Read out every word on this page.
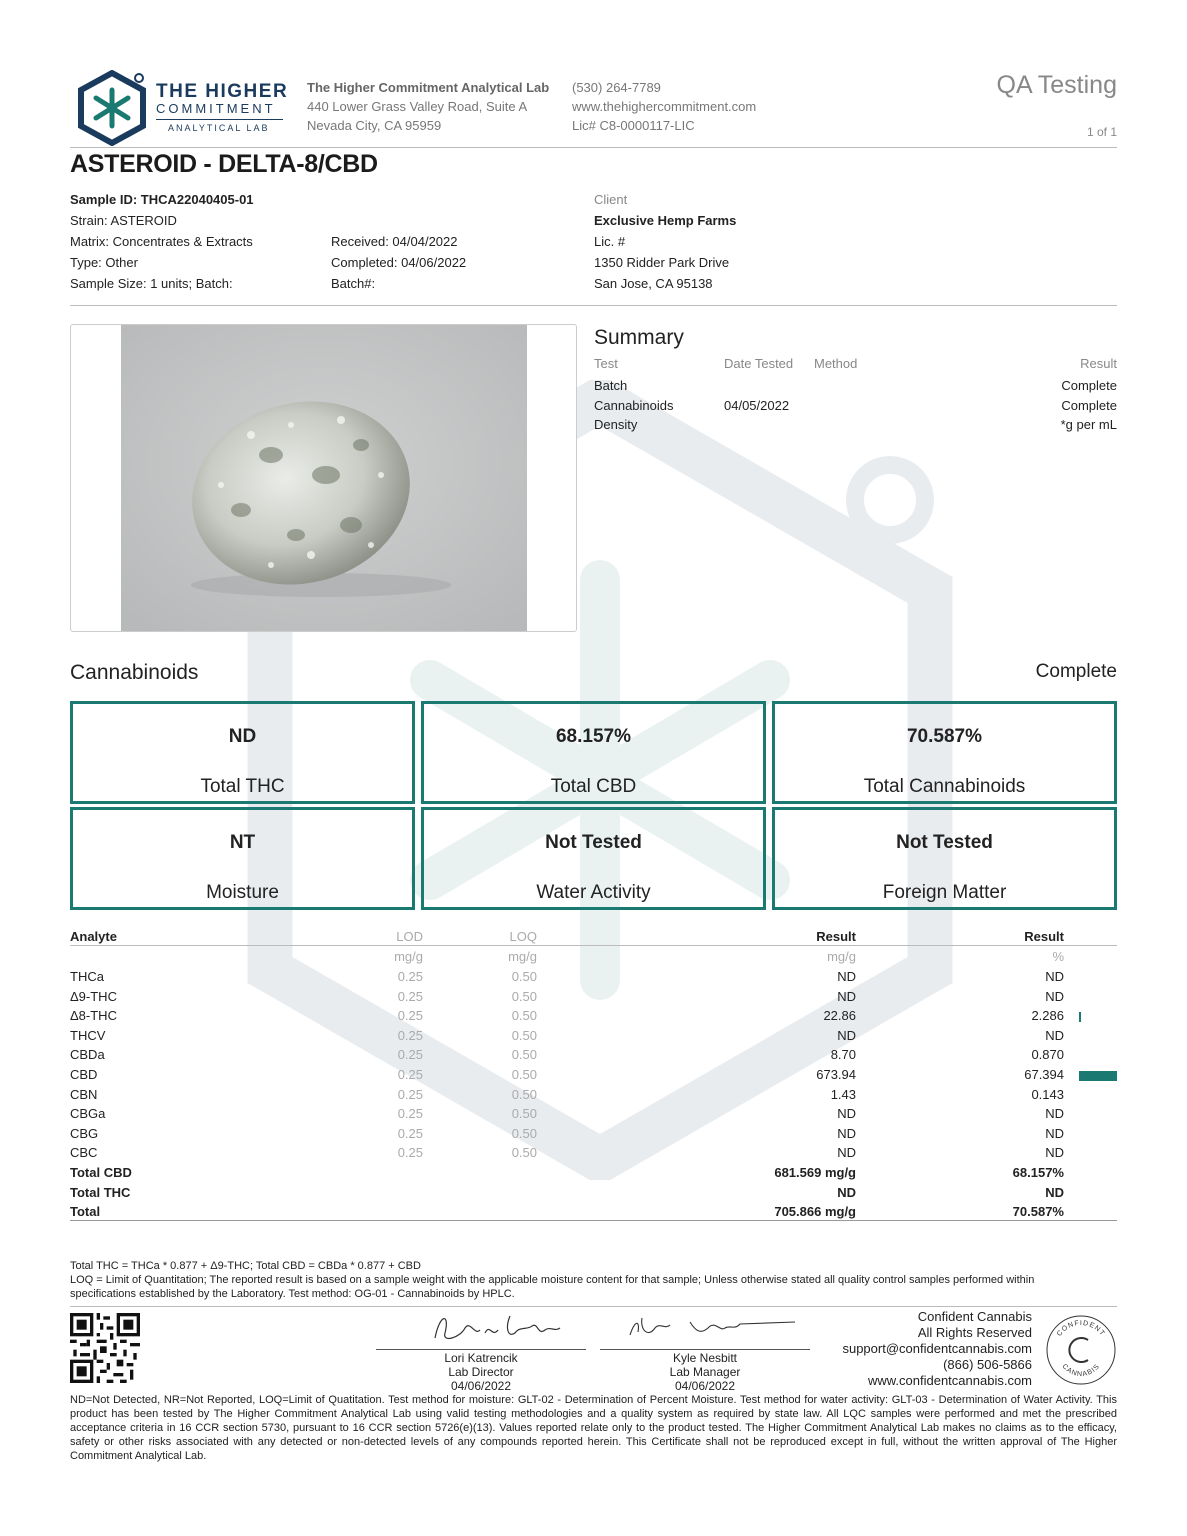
THE HIGHER
COMMITMENT
ANALYTICAL LAB
The Higher Commitment Analytical Lab
440 Lower Grass Valley Road, Suite A
Nevada City, CA 95959
(530) 264-7789
www.thehighercommitment.com
Lic# C8-0000117-LIC
QA Testing
1 of 1
ASTEROID - DELTA-8/CBD
Sample ID: THCA22040405-01
Strain: ASTEROID
Matrix: Concentrates & Extracts
Type: Other
Sample Size: 1 units; Batch:
Received: 04/04/2022
Completed: 04/06/2022
Batch#:
Client
Exclusive Hemp Farms
Lic. #
1350 Ridder Park Drive
San Jose, CA 95138
Summary
Test	Date Tested Method	Result
Batch	Complete
Cannabinoids	04/05/2022	Complete
Density	*g per mL
Cannabinoids	Complete
ND
Total THC
68.157%
Total CBD
70.587%
Total Cannabinoids
NT
Moisture
Not Tested
Water Activity
Not Tested
Foreign Matter
Analyte	LOD	LOQ	Result	Result
mg/g	mg/g	mg/g	%
THCa	0.25	0.50	ND	ND
Δ9-THC	0.25	0.50	ND	ND
Δ8-THC	0.25	0.50	22.86	2.286
THCV	0.25	0.50	ND	ND
CBDa	0.25	0.50	8.70	0.870
CBD	0.25	0.50	673.94	67.394
CBN	0.25	0.50	1.43	0.143
CBGa	0.25	0.50	ND	ND
CBG	0.25	0.50	ND	ND
CBC	0.25	0.50	ND	ND
Total CBD	681.569 mg/g	68.157%
Total THC	ND	ND
Total	705.866 mg/g	70.587%
Total THC = THCa * 0.877 + Δ9-THC; Total CBD = CBDa * 0.877 + CBD
LOQ = Limit of Quantitation; The reported result is based on a sample weight with the applicable moisture content for that sample; Unless otherwise stated all quality control samples performed within specifications established by the Laboratory. Test method: OG-01 - Cannabinoids by HPLC.
Lori Katrencik
Lab Director
04/06/2022
Kyle Nesbitt
Lab Manager
04/06/2022
Confident Cannabis
All Rights Reserved
support@confidentcannabis.com
(866) 506-5866
www.confidentcannabis.com
CONFIDENT
CANNABIS
ND=Not Detected, NR=Not Reported, LOQ=Limit of Quatitation. Test method for moisture: GLT-02 - Determination of Percent Moisture. Test method for water activity: GLT-03 - Determination of Water Activity. This product has been tested by The Higher Commitment Analytical Lab using valid testing methodologies and a quality system as required by state law. All LQC samples were performed and met the prescribed acceptance criteria in 16 CCR section 5730, pursuant to 16 CCR section 5726(e)(13). Values reported relate only to the product tested. The Higher Commitment Analytical Lab makes no claims as to the efficacy, safety or other risks associated with any detected or non-detected levels of any compounds reported herein. This Certificate shall not be reproduced except in full, without the written approval of The Higher Commitment Analytical Lab.
